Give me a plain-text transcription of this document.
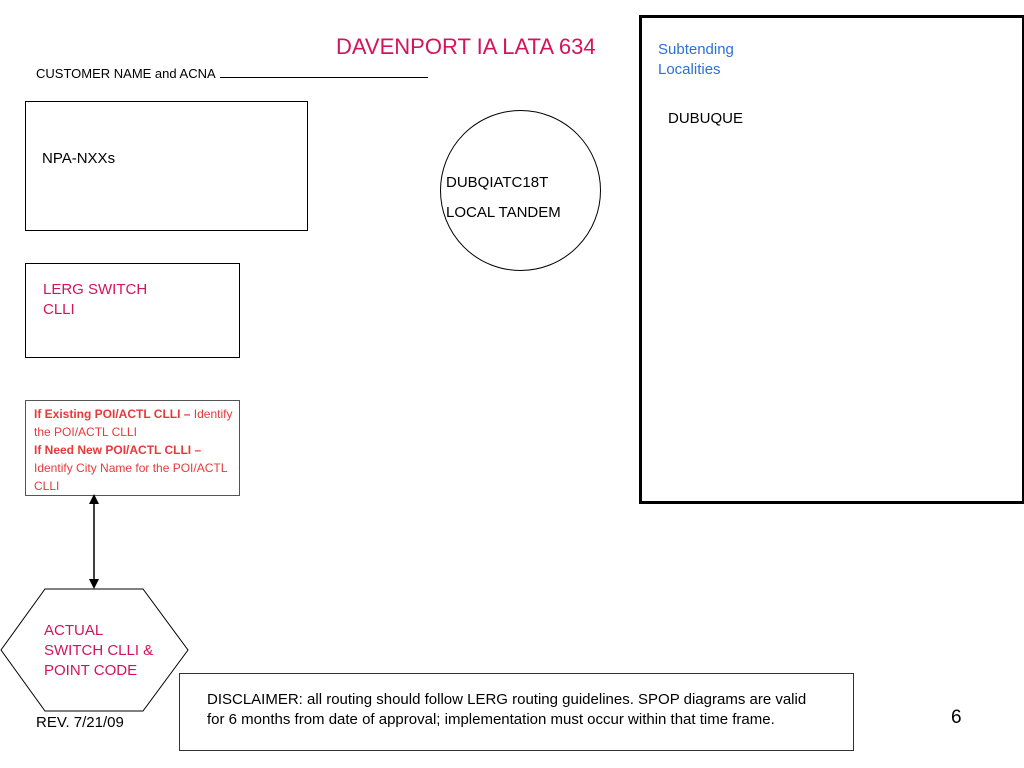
DAVENPORT IA LATA 634
CUSTOMER NAME and ACNA
NPA-NXXs
DUBQIATC18T
LOCAL TANDEM
LERG SWITCH
CLLI
If Existing POI/ACTL CLLI – Identify the POI/ACTL CLLI
If Need New POI/ACTL CLLI – Identify City Name for the POI/ACTL CLLI
Subtending
Localities
DUBUQUE
ACTUAL
SWITCH CLLI &
POINT CODE
REV. 7/21/09
DISCLAIMER: all routing should follow LERG routing guidelines. SPOP diagrams are valid for 6 months from date of approval; implementation must occur within that time frame.	6
